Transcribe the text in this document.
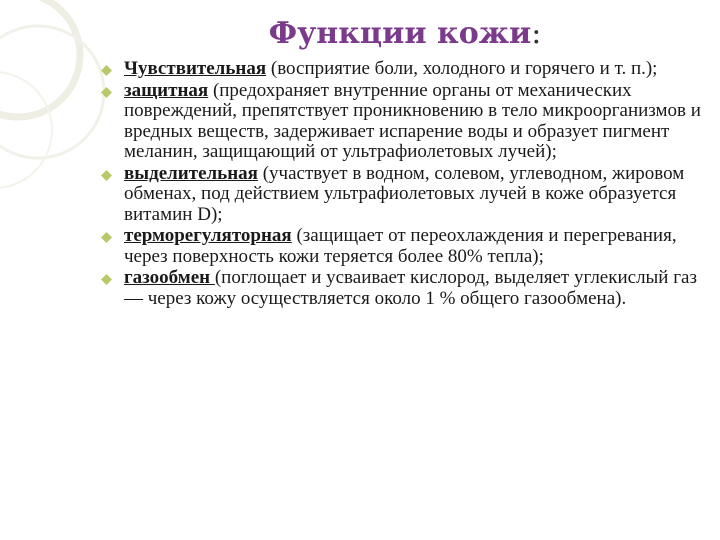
Функции кожи:
Чувствительная (восприятие боли, холодного и горячего и т. п.);
защитная (предохраняет внутренние органы от механических повреждений, препятствует проникновению в тело микроорганизмов и вредных веществ, задерживает испарение воды и образует пигмент меланин, защищающий от ультрафиолетовых лучей);
выделительная (участвует в водном, солевом, углеводном, жировом обменах, под действием ультрафиолетовых лучей в коже образуется витамин D);
терморегуляторная (защищает от переохлаждения и перегревания, через поверхность кожи теряется более 80% тепла);
газообмен (поглощает и усваивает кислород, выделяет углекислый газ — через кожу осуществляется около 1 % общего газообмена).
